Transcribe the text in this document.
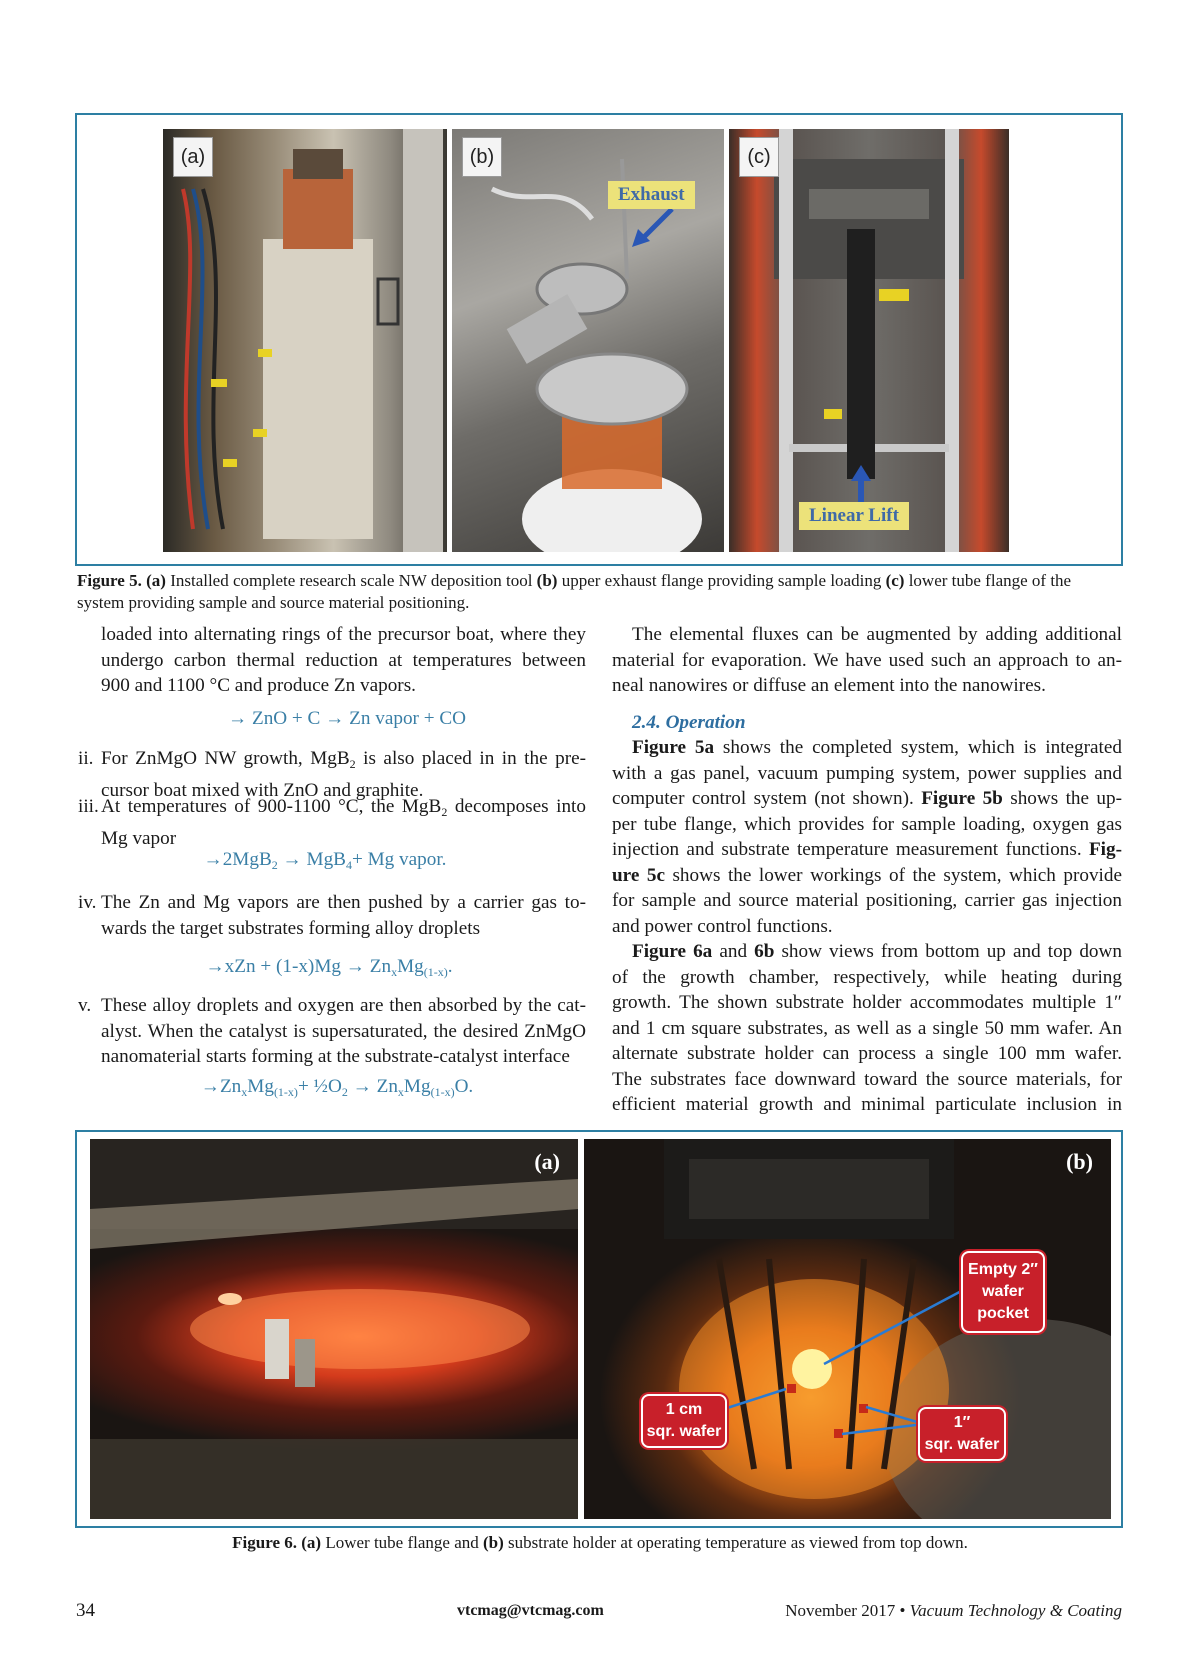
(a)	(b)
Exhaust
(c)
Linear Lift
Figure 5. (a) Installed complete research scale NW deposition tool (b) upper exhaust flange providing sample loading (c) lower tube flange of the
system providing sample and source material positioning.
loaded into alternating rings of the precursor boat, where they
undergo carbon thermal reduction at temperatures between
900 and 1100 °C and produce Zn vapors.
→ ZnO + C → Zn vapor + CO
ii. For ZnMgO NW growth, MgB$_2$ is also placed in in the pre-
cursor boat mixed with ZnO and graphite.
iii. At temperatures of 900-1100 °C, the MgB$_2$ decomposes into
Mg vapor
→2MgB$_2$ → MgB$_4$+ Mg vapor.
iv. The Zn and Mg vapors are then pushed by a carrier gas to-
wards the target substrates forming alloy droplets
$\to xZn + (1-x)Mg \to Zn_xMg_{(1-x)}$.
v. These alloy droplets and oxygen are then absorbed by the cat-
alyst. When the catalyst is supersaturated, the desired ZnMgO
nanomaterial starts forming at the substrate-catalyst interface
$\to Zn_xMg_{(1-x)}+$ $\frac{1}{2}O_2 \to Zn_xMg_{(1-x)}O$.
The elemental fluxes can be augmented by adding additional
material for evaporation. We have used such an approach to an-
neal nanowires or diffuse an element into the nanowires.
2.4. Operation
Figure 5a shows the completed system, which is integrated
with a gas panel, vacuum pumping system, power supplies and
computer control system (not shown). Figure 5b shows the up-
per tube flange, which provides for sample loading, oxygen gas
injection and substrate temperature measurement functions. Fig-
ure 5c shows the lower workings of the system, which provide
for sample and source material positioning, carrier gas injection
and power control functions.
Figure 6a and 6b show views from bottom up and top down
of the growth chamber, respectively, while heating during
growth. The shown substrate holder accommodates multiple 1″
and 1 cm square substrates, as well as a single 50 mm wafer. An
alternate substrate holder can process a single 100 mm wafer.
The substrates face downward toward the source materials, for
efficient material growth and minimal particulate inclusion in
(a)	(b)
Empty 2″
wafer
pocket
1 cm
sqr. wafer
1″
sqr. wafer
Figure 6. (a) Lower tube flange and (b) substrate holder at operating temperature as viewed from top down.
34	vtcmag@vtcmag.com	November 2017 • Vacuum Technology & Coating
